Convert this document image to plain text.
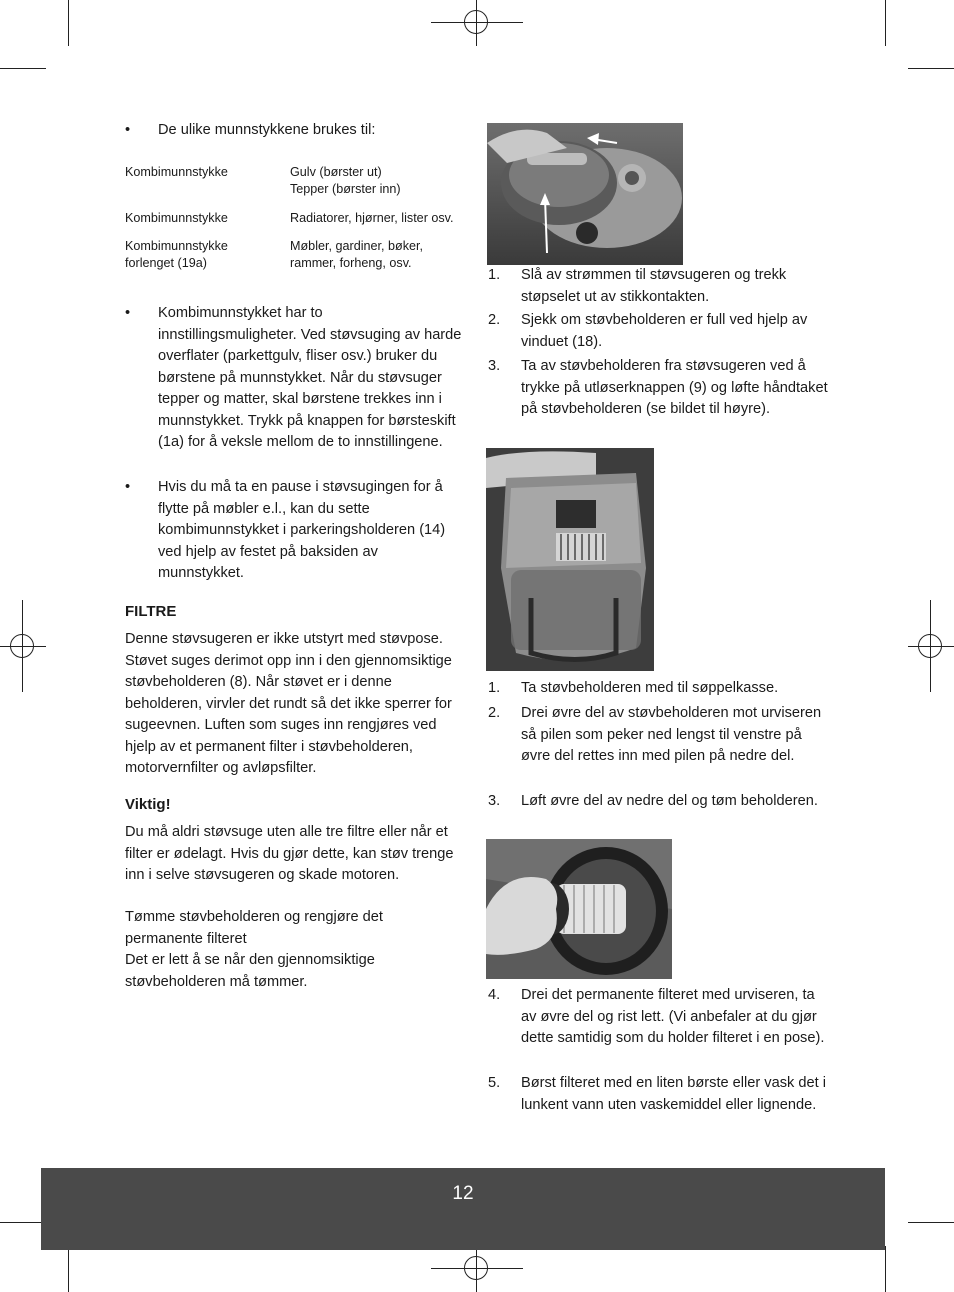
• De ulike munnstykkene brukes til:
Kombimunnstykke	Gulv (børster ut)
Tepper (børster inn)
Kombimunnstykke	Radiatorer, hjørner, lister osv.
Kombimunnstykke
forlenget (19a)
Møbler, gardiner, bøker,
rammer, forheng, osv.
• Kombimunnstykket har to innstillingsmuligheter. Ved støvsuging av harde overflater (parkettgulv, fliser osv.) bruker du børstene på munnstykket. Når du støvsuger tepper og matter, skal børstene trekkes inn i munnstykket. Trykk på knappen for børsteskift (1a) for å veksle mellom de to innstillingene.
• Hvis du må ta en pause i støvsugingen for å flytte på møbler e.l., kan du sette kombimunnstykket i parkeringsholderen (14) ved hjelp av festet på baksiden av munnstykket.
FILTRE
Denne støvsugeren er ikke utstyrt med støvpose. Støvet suges derimot opp inn i den gjennomsiktige støvbeholderen (8). Når støvet er i denne beholderen, virvler det rundt så det ikke sperrer for sugeevnen. Luften som suges inn rengjøres ved hjelp av et permanent filter i støvbeholderen, motorvernfilter og avløpsfilter.
Viktig!
Du må aldri støvsuge uten alle tre filtre eller når et filter er ødelagt. Hvis du gjør dette, kan støv trenge inn i selve støvsugeren og skade motoren.
Tømme støvbeholderen og rengjøre det permanente filteret
Det er lett å se når den gjennomsiktige støvbeholderen må tømmer.
1. Slå av strømmen til støvsugeren og trekk støpselet ut av stikkontakten.
2. Sjekk om støvbeholderen er full ved hjelp av vinduet (18).
3. Ta av støvbeholderen fra støvsugeren ved å trykke på utløserknappen (9) og løfte håndtaket på støvbeholderen (se bildet til høyre).
1. Ta støvbeholderen med til søppelkasse.
2. Drei øvre del av støvbeholderen mot urviseren så pilen som peker ned lengst til venstre på øvre del rettes inn med pilen på nedre del.
3. Løft øvre del av nedre del og tøm beholderen.
4. Drei det permanente filteret med urviseren, ta av øvre del og rist lett. (Vi anbefaler at du gjør dette samtidig som du holder filteret i en pose).
5. Børst filteret med en liten børste eller vask det i lunkent vann uten vaskemiddel eller lignende.
12
